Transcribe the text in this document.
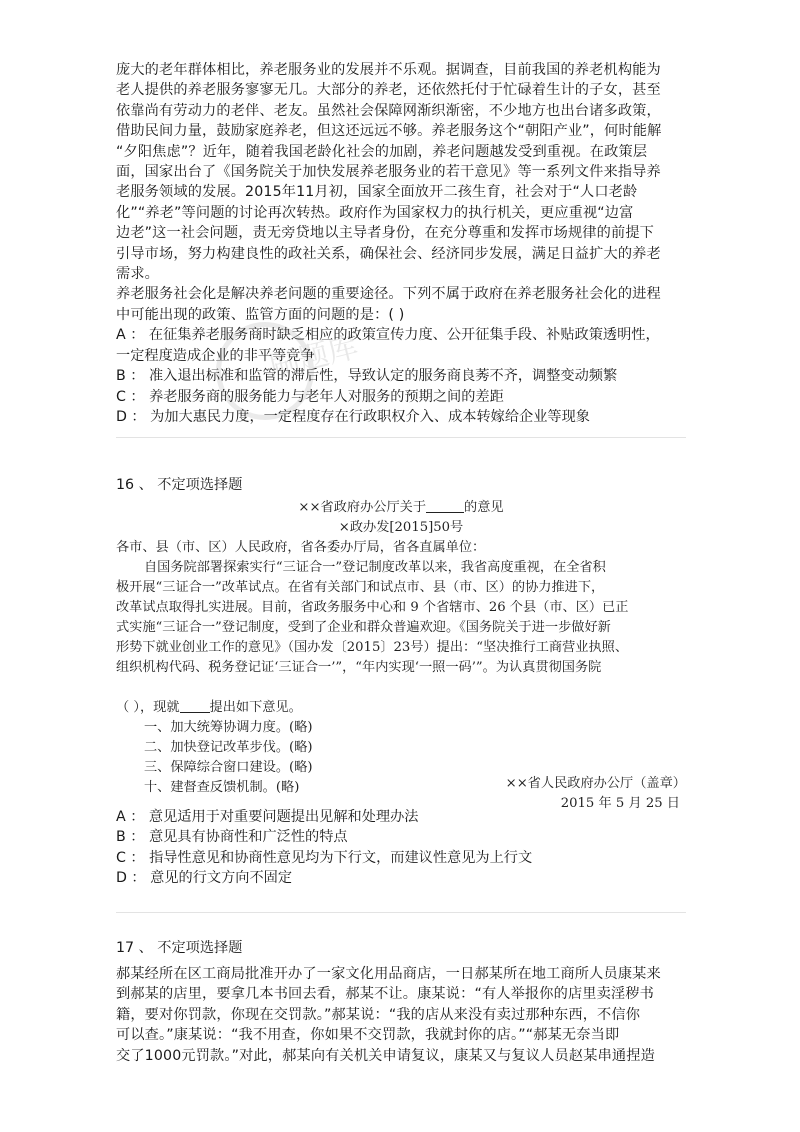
庞大的老年群体相比，养老服务业的发展并不乐观。据调查，目前我国的养老机构能为

老人提供的养老服务寥寥无几。大部分的养老，还依然托付于忙碌着生计的子女，甚至

依靠尚有劳动力的老伴、老友。虽然社会保障网渐织渐密，不少地方也出台诸多政策，

借助民间力量，鼓励家庭养老，但这还远远不够。养老服务这个“朝阳产业”，何时能解

“夕阳焦虑”？近年，随着我国老龄化社会的加剧，养老问题越发受到重视。在政策层

面，国家出台了《国务院关于加快发展养老服务业的若干意见》等一系列文件来指导养

老服务领域的发展。2015年11月初，国家全面放开二孩生育，社会对于“人口老龄

化”“养老”等问题的讨论再次转热。政府作为国家权力的执行机关，更应重视“边富

边老”这一社会问题，责无旁贷地以主导者身份，在充分尊重和发挥市场规律的前提下

引导市场，努力构建良性的政社关系，确保社会、经济同步发展，满足日益扩大的养老

需求。

养老服务社会化是解决养老问题的重要途径。下列不属于政府在养老服务社会化的进程

中可能出现的政策、监管方面的问题的是：( )

A ： 在征集养老服务商时缺乏相应的政策宣传力度、公开征集手段、补贴政策透明性，

一定程度造成企业的非平等竞争

B ： 准入退出标准和监管的滞后性，导致认定的服务商良莠不齐，调整变动频繁

C ： 养老服务商的服务能力与老年人对服务的预期之间的差距

D ： 为加大惠民力度，一定程度存在行政职权介入、成本转嫁给企业等现象

刷题库
16 、 不定项选择题
××省政府办公厅关于	的意见
×政办发[2015]50号
各市、县（市、区）人民政府，省各委办厅局，省各直属单位：
自国务院部署探索实行“三证合一”登记制度改革以来，我省高度重视，在全省积
极开展“三证合一”改革试点。在省有关部门和试点市、县（市、区）的协力推进下，
改革试点取得扎实进展。目前，省政务服务中心和 9 个省辖市、26 个县（市、区）已正
式实施“三证合一”登记制度，受到了企业和群众普遍欢迎。《国务院关于进一步做好新
形势下就业创业工作的意见》（国办发〔2015〕23号）提出：“坚决推行工商营业执照、
组织机构代码、税务登记证‘三证合一’”，“年内实现‘一照一码’”。为认真贯彻国务院
（ ），现就 提出如下意见。
一、加大统筹协调力度。(略)
二、加快登记改革步伐。(略)
三、保障综合窗口建设。(略)
十、建督查反馈机制。(略)	××省人民政府办公厅（盖章）
2015 年 5 月 25 日

A ： 意见适用于对重要问题提出见解和处理办法

B ： 意见具有协商性和广泛性的特点

C ： 指导性意见和协商性意见均为下行文，而建议性意见为上行文

D ： 意见的行文方向不固定

17 、 不定项选择题

郝某经所在区工商局批准开办了一家文化用品商店，一日郝某所在地工商所人员康某来

到郝某的店里，要拿几本书回去看，郝某不让。康某说：“有人举报你的店里卖淫秽书

籍，要对你罚款，你现在交罚款。”郝某说：“我的店从来没有卖过那种东西，不信你

可以查。”康某说：“我不用查，你如果不交罚款，我就封你的店。”“郝某无奈当即

交了1000元罚款。”对此，郝某向有关机关申请复议，康某又与复议人员赵某串通捏造
